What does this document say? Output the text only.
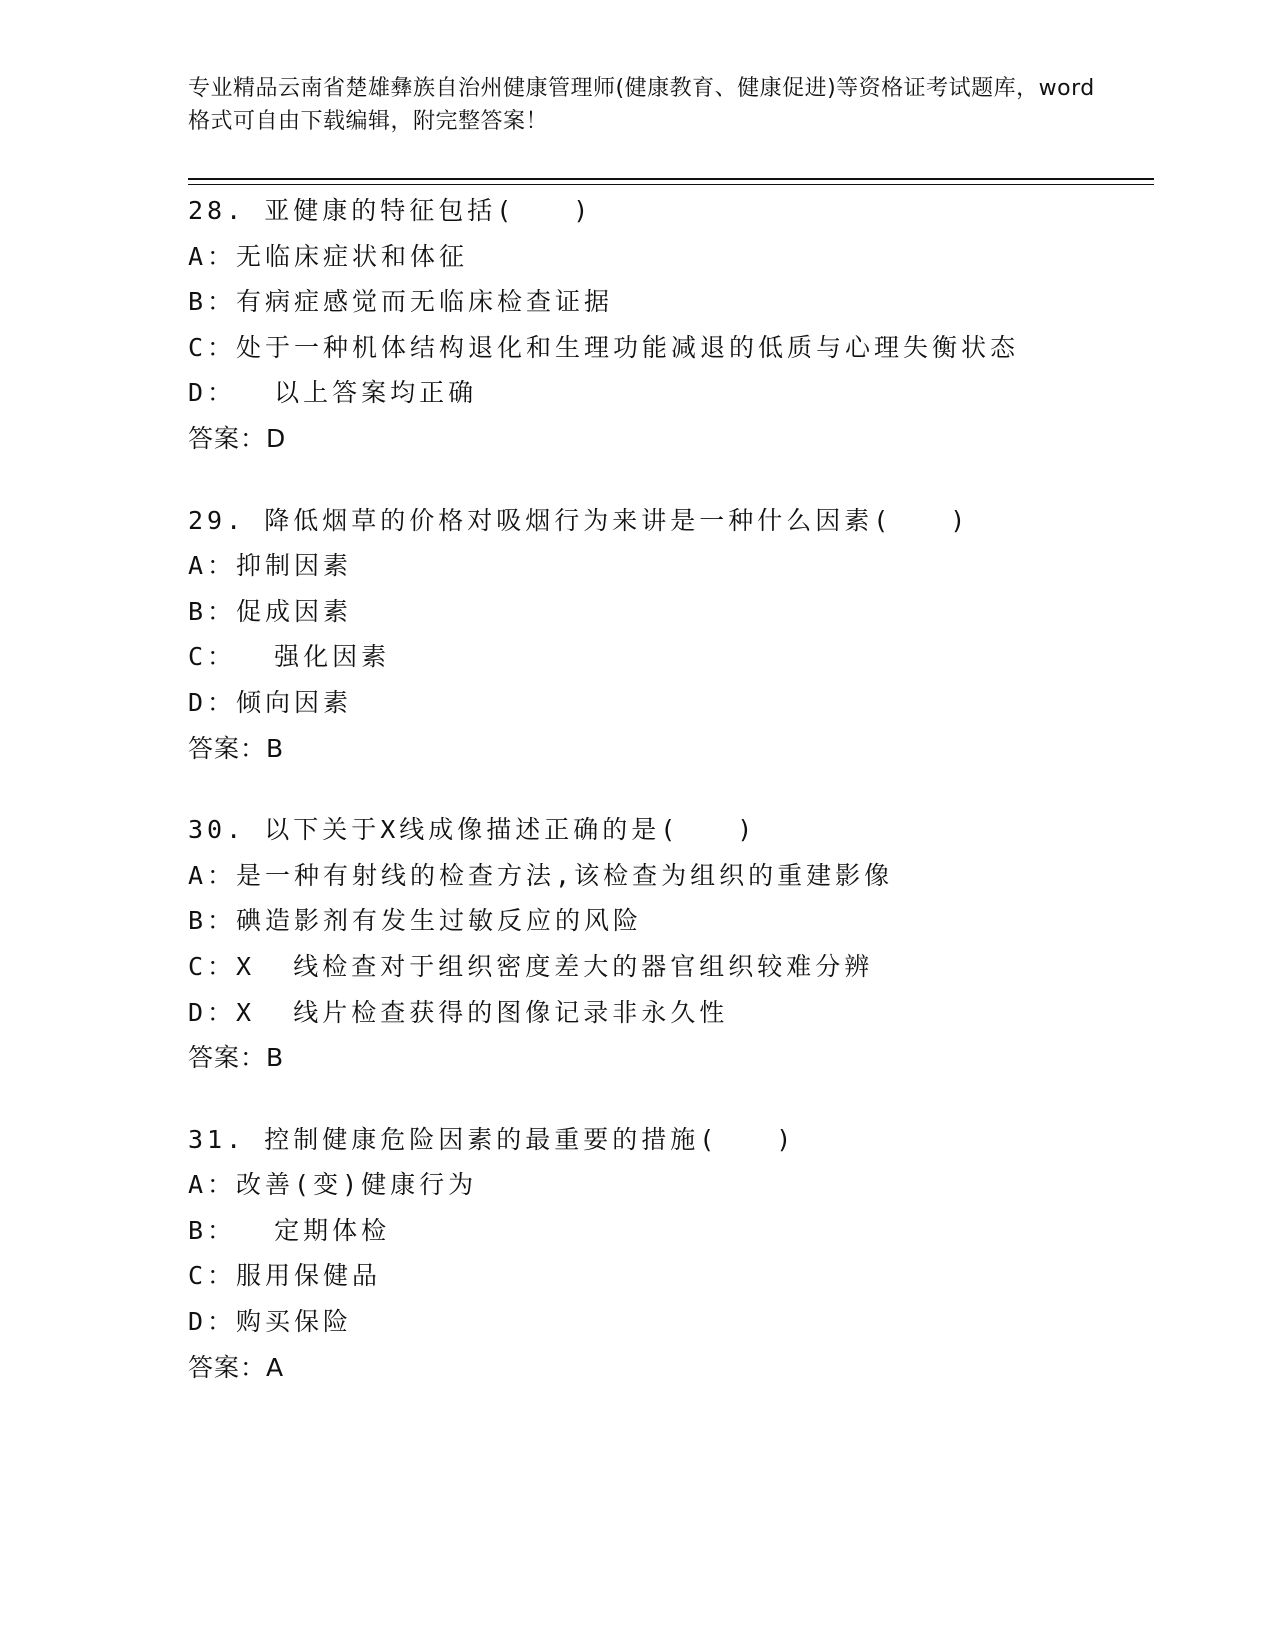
专业精品云南省楚雄彝族自治州健康管理师(健康教育、健康促进)等资格证考试题库，word格式可自由下载编辑，附完整答案！
28. 亚健康的特征包括(　　)
A：无临床症状和体征
B：有病症感觉而无临床检查证据
C：处于一种机体结构退化和生理功能减退的低质与心理失衡状态
D：  以上答案均正确
答案：D
29. 降低烟草的价格对吸烟行为来讲是一种什么因素(　　)
A：抑制因素
B：促成因素
C：  强化因素
D：倾向因素
答案：B
30. 以下关于X线成像描述正确的是(　　)
A：是一种有射线的检查方法,该检查为组织的重建影像
B：碘造影剂有发生过敏反应的风险
C：X  线检查对于组织密度差大的器官组织较难分辨
D：X  线片检查获得的图像记录非永久性
答案：B
31. 控制健康危险因素的最重要的措施(　　)
A：改善(变)健康行为
B：  定期体检
C：服用保健品
D：购买保险
答案：A
